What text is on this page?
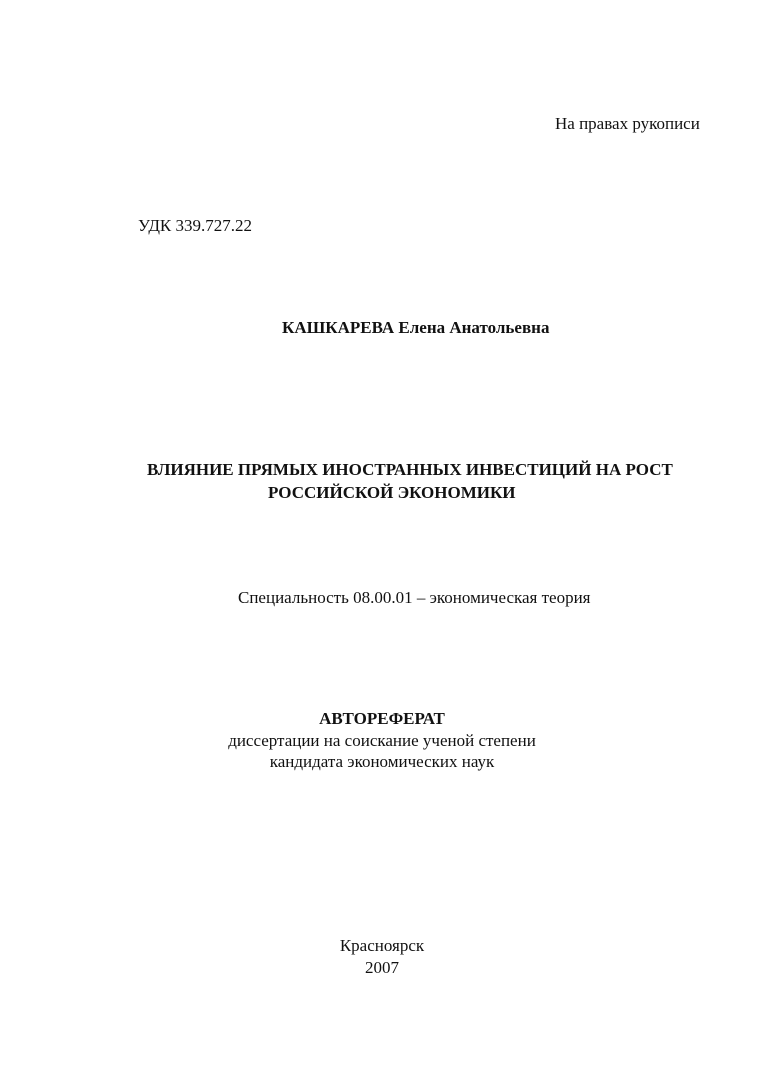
На правах рукописи
УДК 339.727.22
КАШКАРЕВА Елена Анатольевна
ВЛИЯНИЕ ПРЯМЫХ ИНОСТРАННЫХ ИНВЕСТИЦИЙ НА РОСТ
РОССИЙСКОЙ ЭКОНОМИКИ
Специальность 08.00.01 – экономическая теория
АВТОРЕФЕРАТ
диссертации на соискание ученой степени
кандидата экономических наук
Красноярск
2007
